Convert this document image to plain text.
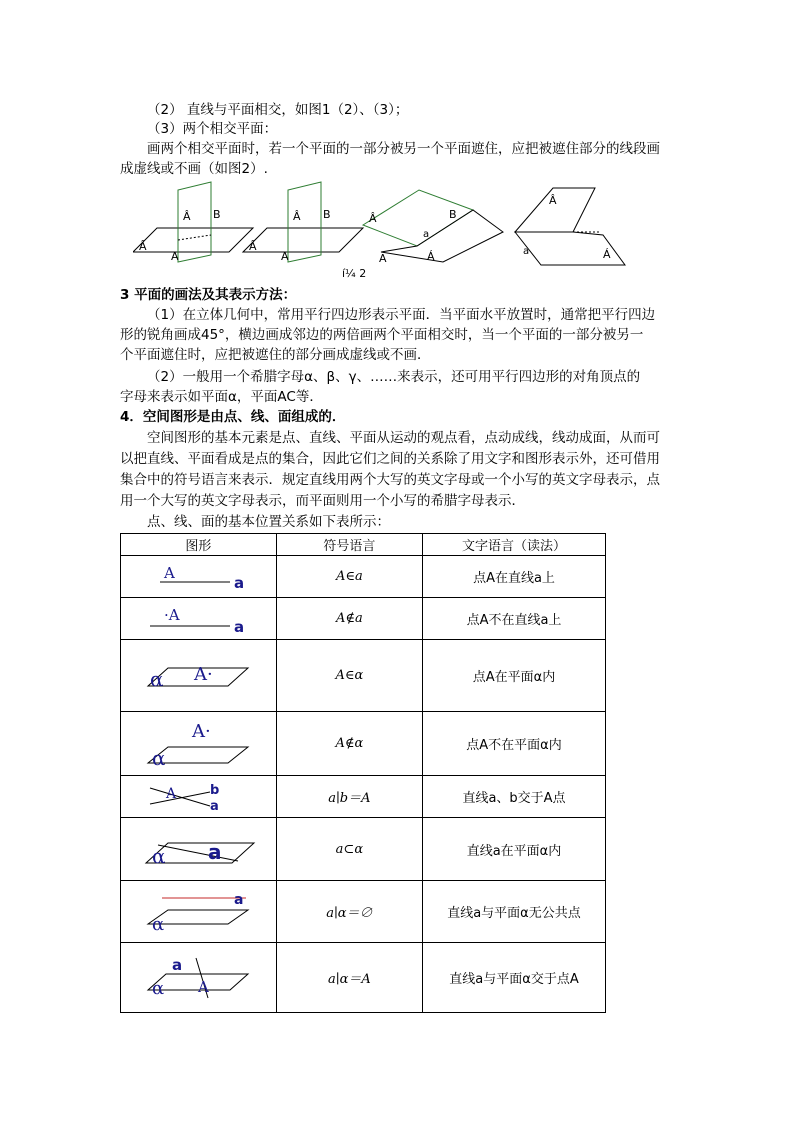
（2） 直线与平面相交，如图1（2）、（3）；
（3）两个相交平面：
画两个相交平面时，若一个平面的一部分被另一个平面遮住，应把被遮住部分的线段画
成虚线或不画（如图2）.
Â
Â B
A
Â
Â B
A
Â	B
a
A	Á
Â
a	Á
í¼ 2
3 平面的画法及其表示方法：
（1）在立体几何中，常用平行四边形表示平面．当平面水平放置时，通常把平行四边
形的锐角画成45°，横边画成邻边的两倍画两个平面相交时，当一个平面的一部分被另一
个平面遮住时，应把被遮住的部分画成虚线或不画．
（2）一般用一个希腊字母α、β、γ、……来表示，还可用平行四边形的对角顶点的
字母来表示如平面α，平面AC等．
4．空间图形是由点、线、面组成的．
空间图形的基本元素是点、直线、平面从运动的观点看，点动成线，线动成面，从而可
以把直线、平面看成是点的集合，因此它们之间的关系除了用文字和图形表示外，还可借用
集合中的符号语言来表示．规定直线用两个大写的英文字母或一个小写的英文字母表示，点
用一个大写的英文字母表示，而平面则用一个小写的希腊字母表示．
点、线、面的基本位置关系如下表所示：
图形	符号语言	文字语言（读法）

A
a	A∈a	点A在直线a上

·A
a	A∉a	点A不在直线a上

α A·	A∈α	点A在平面α内

A·
α	A∉α	点A不在平面α内

A b
a	a∣b＝A	直线a、b交于A点

α a	a⊂α	直线a在平面α内

a
α	a∣α＝∅	直线a与平面α无公共点

a
α A	a∣α＝A	直线a与平面α交于点A
